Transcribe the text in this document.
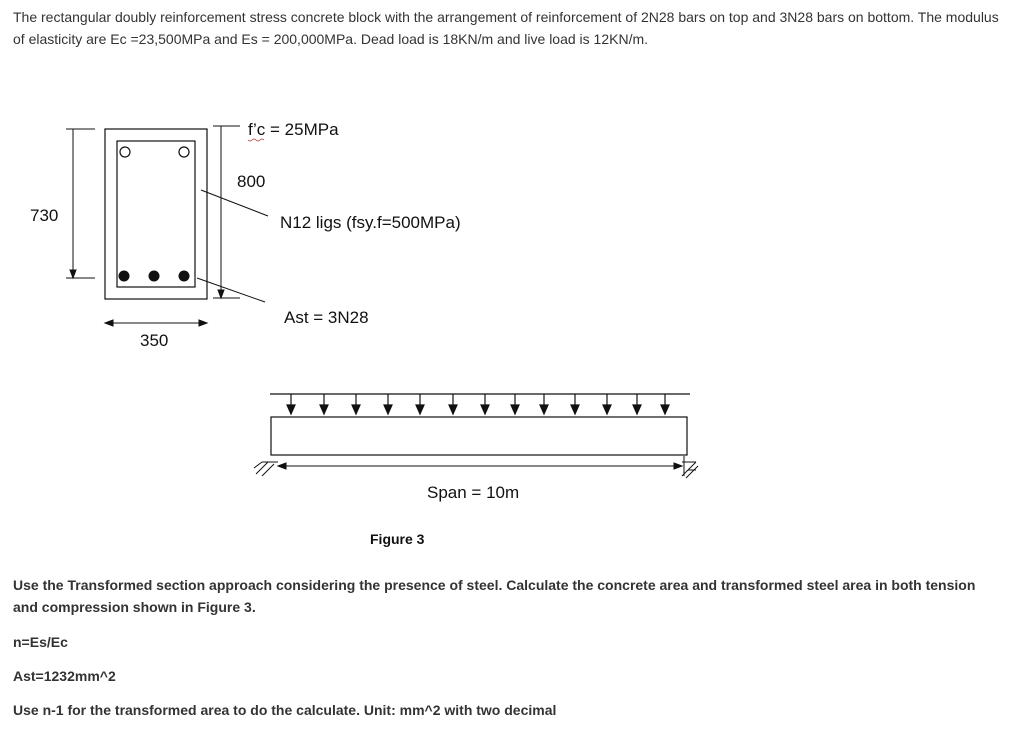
The rectangular doubly reinforcement stress concrete block with the arrangement of reinforcement of 2N28 bars on top and 3N28 bars on bottom. The modulus of elasticity are Ec =23,500MPa and Es = 200,000MPa. Dead load is 18KN/m and live load is 12KN/m.
730
800
f’c = 25MPa
N12 ligs (fsy.f=500MPa)
Ast = 3N28
350
Span = 10m
Figure 3
Use the Transformed section approach considering the presence of steel. Calculate the concrete area and transformed steel area in both tension and compression shown in Figure 3.
n=Es/Ec
Ast=1232mm^2
Use n-1 for the transformed area to do the calculate. Unit: mm^2 with two decimal
